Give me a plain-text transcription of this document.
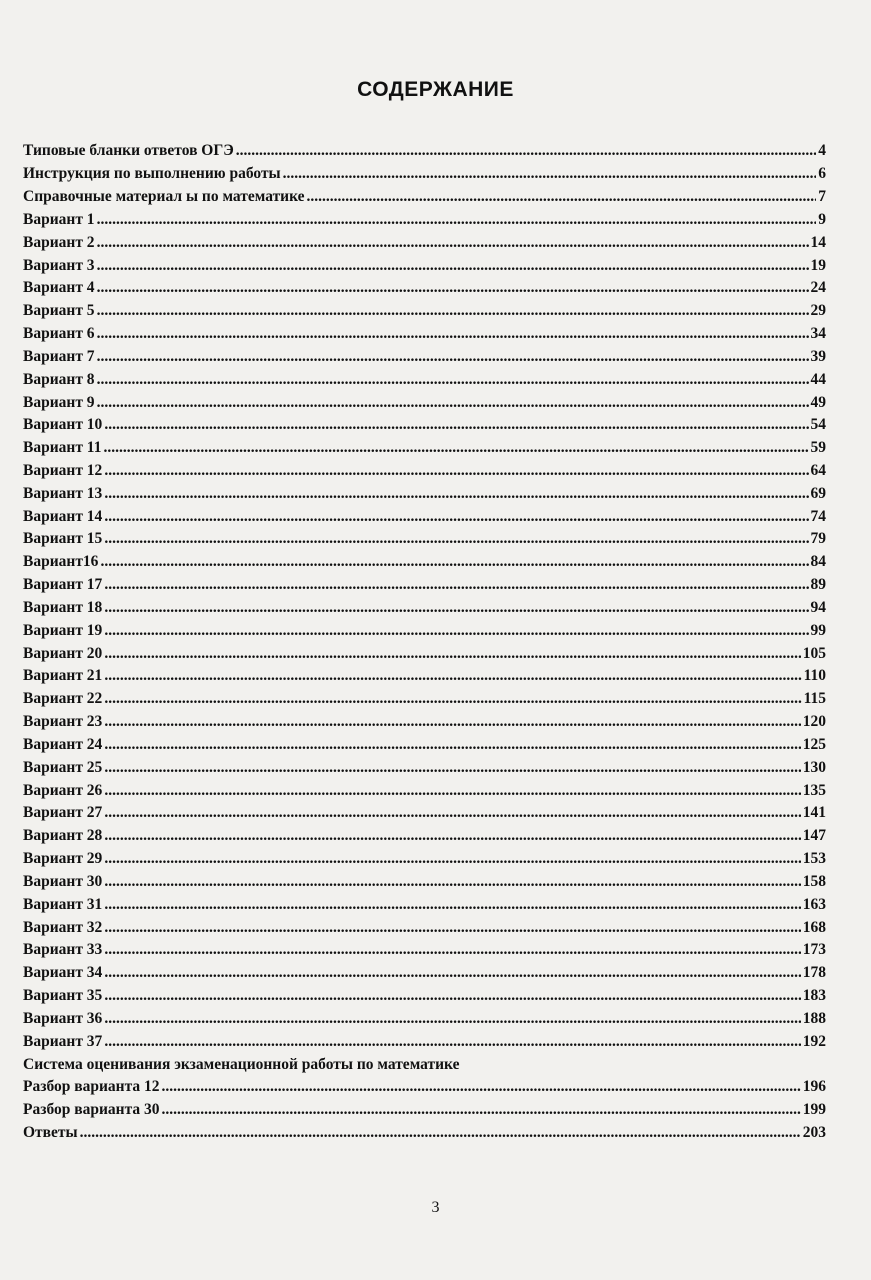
СОДЕРЖАНИЕ
Типовые бланки ответов ОГЭ .....	4
Инструкция по выполнению работы .....	6
Справочные материал ы по математике .....	7
Вариант 1 .....	9
Вариант 2 .....	14
Вариант 3 .....	19
Вариант 4 .....	24
Вариант 5 .....	29
Вариант 6 .....	34
Вариант 7 .....	39
Вариант 8 .....	44
Вариант 9 .....	49
Вариант 10 .....	54
Вариант 11 .....	59
Вариант 12 .....	64
Вариант 13 .....	69
Вариант 14 .....	74
Вариант 15 .....	79
Вариант16 .....	84
Вариант 17 .....	89
Вариант 18 .....	94
Вариант 19 .....	99
Вариант 20 .....	105
Вариант 21 .....	110
Вариант 22 .....	115
Вариант 23 .....	120
Вариант 24 .....	125
Вариант 25 .....	130
Вариант 26 .....	135
Вариант 27 .....	141
Вариант 28 .....	147
Вариант 29 .....	153
Вариант 30 .....	158
Вариант 31 .....	163
Вариант 32 .....	168
Вариант 33 .....	173
Вариант 34 .....	178
Вариант 35 .....	183
Вариант 36 .....	188
Вариант 37 .....	192
Система оценивания экзаменационной работы по математике
Разбор варианта 12 .....	196
Разбор варианта 30 .....	199
Ответы .....	203
3
